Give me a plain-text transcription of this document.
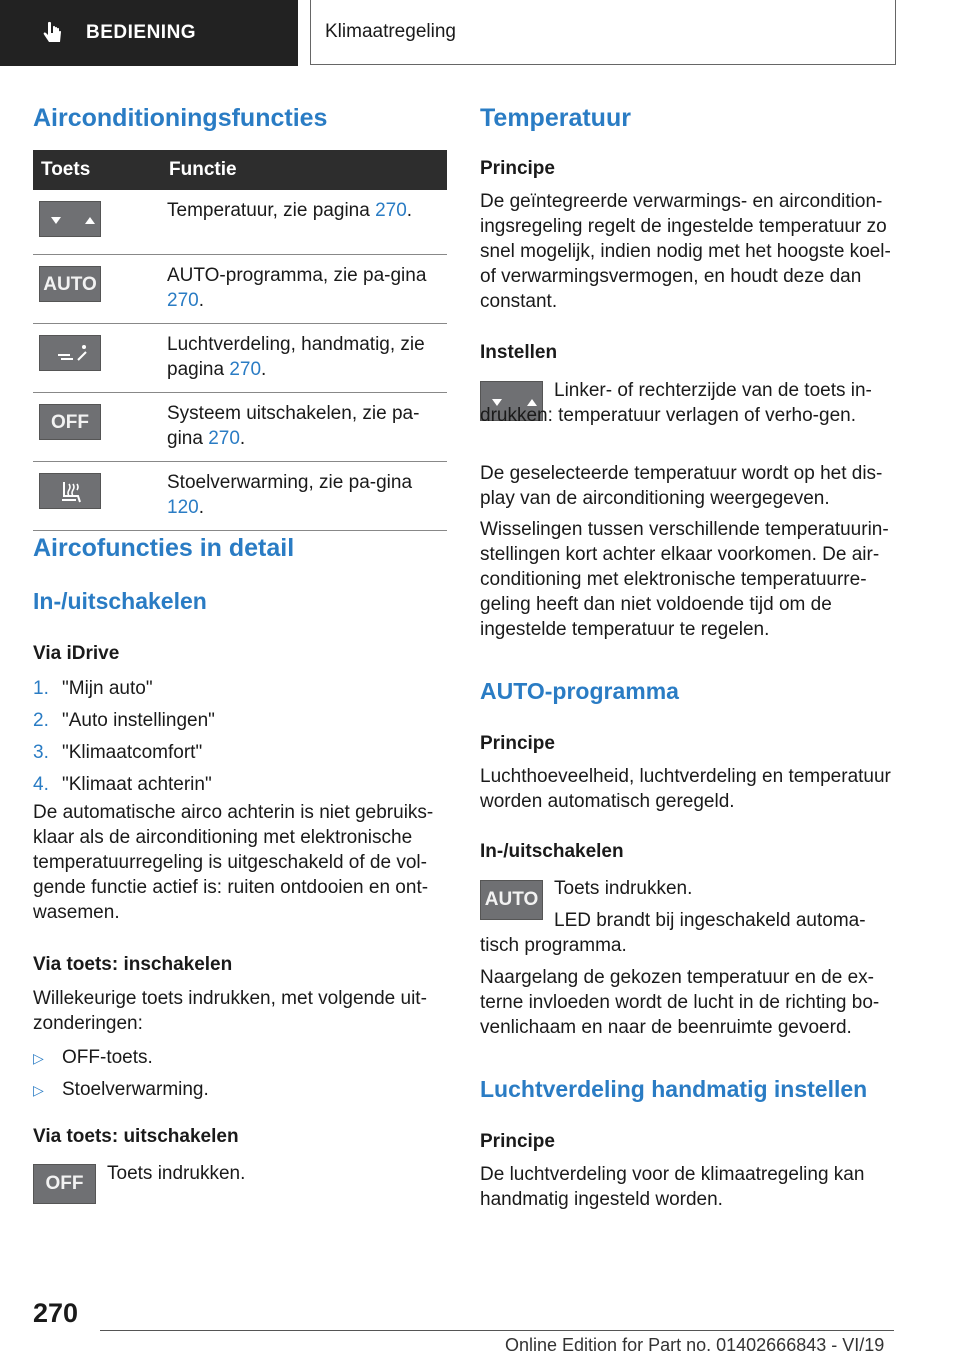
BEDIENING	Klimaatregeling
Airconditioningsfuncties
Toets	Functie

	Temperatuur, zie pagina 270.

AUTO	AUTO-programma, zie pa-gina 270.

	Luchtverdeling, handmatig, zie pagina 270.

OFF	Systeem uitschakelen, zie pa-gina 270.

	Stoelverwarming, zie pa-gina 120.
Aircofuncties in detail
In-/uitschakelen
Via iDrive
1. "Mijn auto"
2. "Auto instellingen"
3. "Klimaatcomfort"
4. "Klimaat achterin"

De automatische airco achterin is niet gebruiks-klaar als de airconditioning met elektronische temperatuurregeling is uitgeschakeld of de vol-gende functie actief is: ruiten ontdooien en ont-wasemen.

Via toets: inschakelen

Willekeurige toets indrukken, met volgende uit-zonderingen:

▷ OFF-toets.
▷ Stoelverwarming.
Via toets: uitschakelen
OFF	Toets indrukken.

Temperatuur
Principe

De geïntegreerde verwarmings- en aircondition-ingsregeling regelt de ingestelde temperatuur zo snel mogelijk, indien nodig met het hoogste koel-of verwarmingsvermogen, en houdt deze dan constant.

Instellen

Linker- of rechterzijde van de toets in-drukken: temperatuur verlagen of verho-gen.

De geselecteerde temperatuur wordt op het dis-play van de airconditioning weergegeven.

Wisselingen tussen verschillende temperatuurin-stellingen kort achter elkaar voorkomen. De air-conditioning met elektronische temperatuurre-geling heeft dan niet voldoende tijd om de ingestelde temperatuur te regelen.

AUTO-programma
Principe

Luchthoeveelheid, luchtverdeling en temperatuur worden automatisch geregeld.

In-/uitschakelen
AUTO

Toets indrukken.

LED brandt bij ingeschakeld automa-tisch programma.

Naargelang de gekozen temperatuur en de ex-terne invloeden wordt de lucht in de richting bo-venlichaam en naar de beenruimte gevoerd.

Luchtverdeling handmatig instellen
Principe

De luchtverdeling voor de klimaatregeling kan handmatig ingesteld worden.

270
Online Edition for Part no. 01402666843 - VI/19
